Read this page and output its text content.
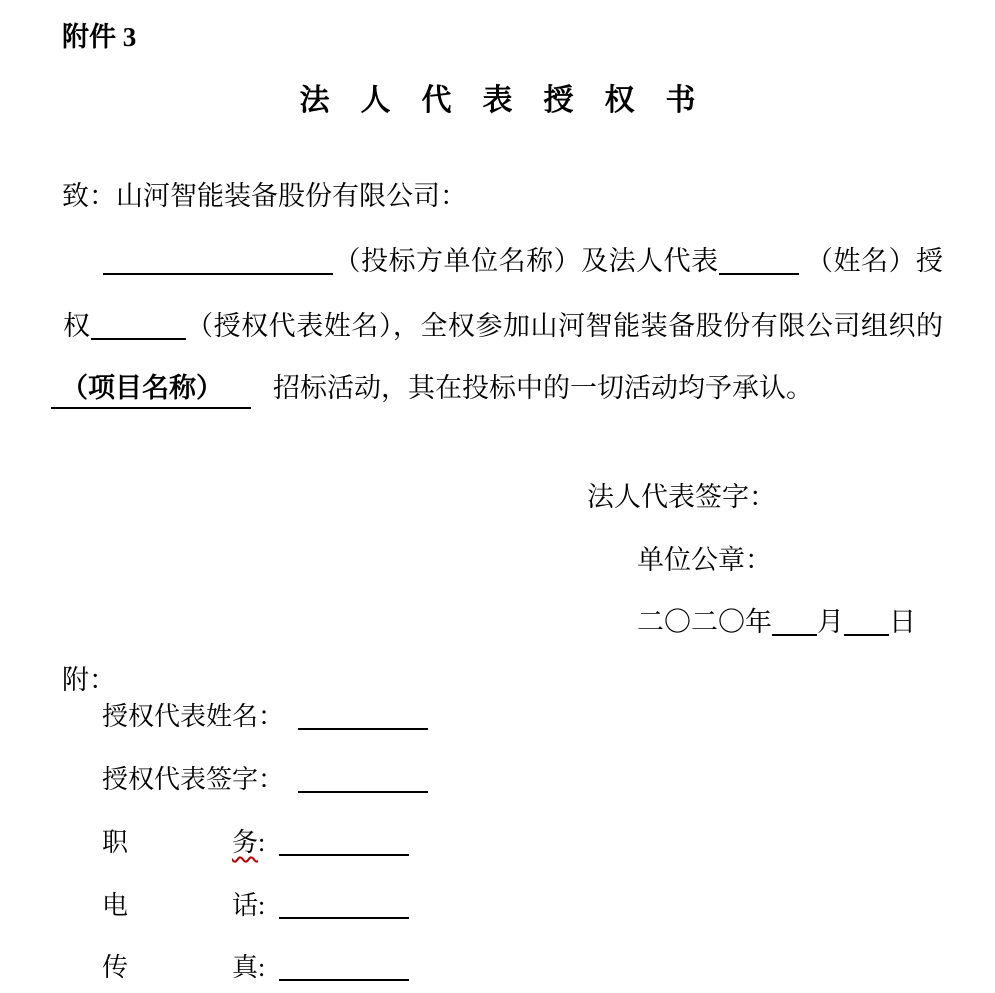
附件 3
法人代表授权书
致：山河智能装备股份有限公司：
（投标方单位名称）及法人代表	（姓名）授
权	（授权代表姓名），全权参加山河智能装备股份有限公司组织的
（项目名称） 招标活动，其在投标中的一切活动均予承认。
法人代表签字：
单位公章：
二〇二〇年 月 日
附：
授权代表姓名：
授权代表签字：
职	务 :
电	话 :
传	真 :
